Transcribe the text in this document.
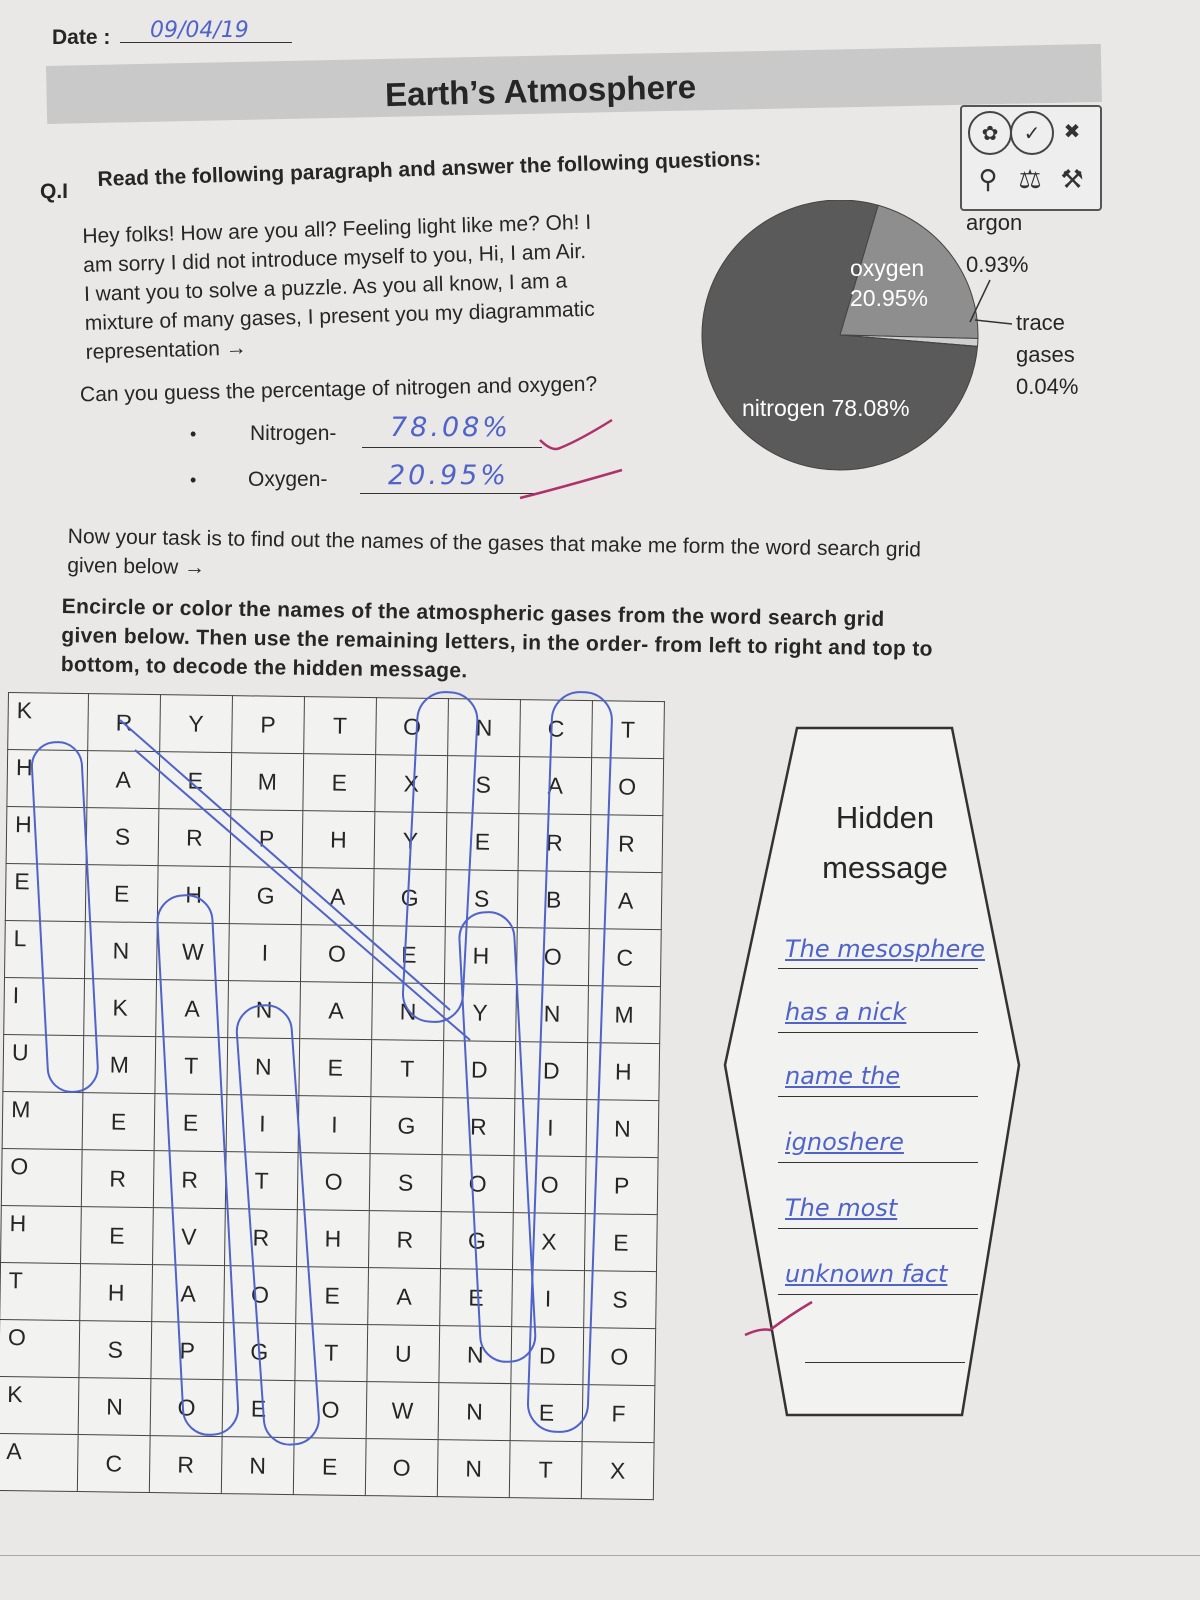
Date : 09/04/19
Earth’s Atmosphere
✿	✓	✖
⚲ ⚖ ⚒
Q.I
Read the following paragraph and answer the following questions:
Hey folks! How are you all? Feeling light like me? Oh! I
am sorry I did not introduce myself to you, Hi, I am Air.
I want you to solve a puzzle. As you all know, I am a
mixture of many gases, I present you my diagrammatic
representation →
Can you guess the percentage of nitrogen and oxygen?
•	Nitrogen- 78.08%
• Oxygen- 20.95%
oxygen
20.95%
nitrogen 78.08%
argon
0.93%
trace
gases
0.04%
Now your task is to find out the names of the gases that make me form the word search grid
given below →
Encircle or color the names of the atmospheric gases from the word search grid
given below. Then use the remaining letters, in the order- from left to right and top to
bottom, to decode the hidden message.
K	R	Y	P	T	O	N	C	T
H	A	E	M	E	X	S	A	O
H	S	R	P	H	Y	E	R	R
E	E	H	G	A	G	S	B	A
L	N	W	I	O	E	H	O	C
I	K	A	N	A	N	Y	N	M
U	M	T	N	E	T	D	D	H
M	E	E	I	I	G	R	I	N
O	R	R	T	O	S	O	O	P
H	E	V	R	H	R	G	X	E
T	H	A	O	E	A	E	I	S
O	S	P	G	T	U	N	D	O
K	N	O	E	O	W	N	E	F
A	C	R	N	E	O	N	T	X
Hidden
message
The mesosphere
has a nick
name the
ignoshere
The most
unknown fact
